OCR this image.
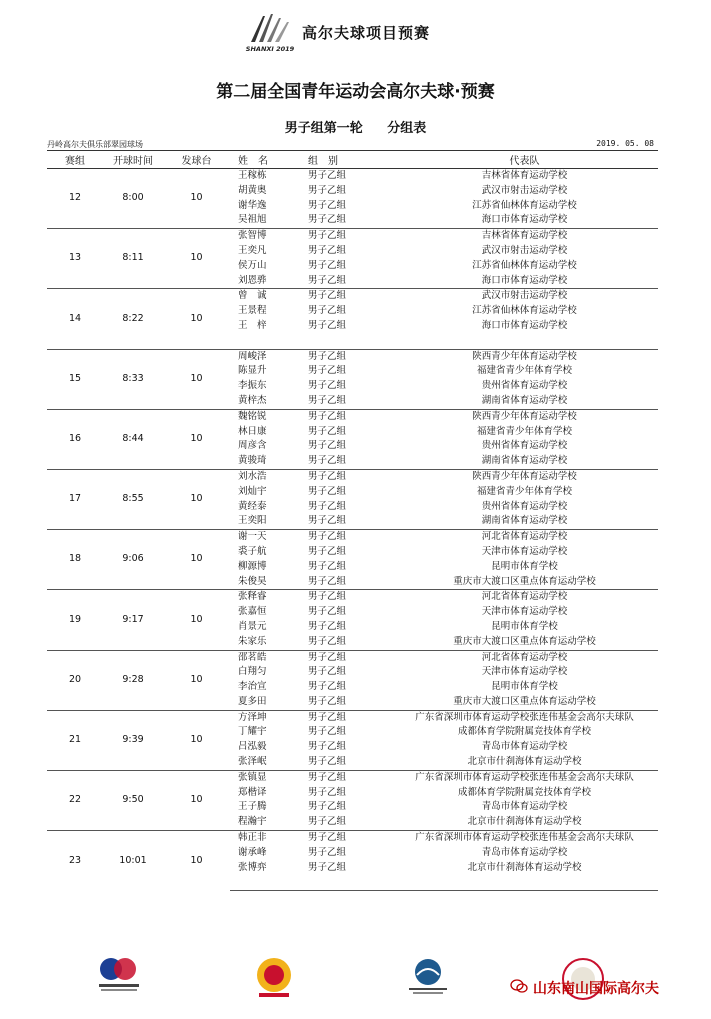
SHANXI 2019
高尔夫球项目预赛
第二届全国青年运动会高尔夫球·预赛
男子组第一轮 分组表
丹岭高尔夫俱乐部翠园球场	2019. 05. 08
赛组	开球时间	发球台	姓　名	组　别	代表队
12	8:00	10	王稼栋	男子乙组	吉林省体育运动学校
			胡黄奥	男子乙组	武汉市射击运动学校
			谢华逸	男子乙组	江苏省仙林体育运动学校
			吴祖旭	男子乙组	海口市体育运动学校
13	8:11	10	张智博	男子乙组	吉林省体育运动学校
			王奕凡	男子乙组	武汉市射击运动学校
			侯万山	男子乙组	江苏省仙林体育运动学校
			刘恩骅	男子乙组	海口市体育运动学校
14	8:22	10	曾　诚	男子乙组	武汉市射击运动学校
			王景程	男子乙组	江苏省仙林体育运动学校
			王　梓	男子乙组	海口市体育运动学校

15	8:33	10	周峻泽	男子乙组	陕西青少年体育运动学校
			陈显升	男子乙组	福建省青少年体育学校
			李振东	男子乙组	贵州省体育运动学校
			黄梓杰	男子乙组	湖南省体育运动学校
16	8:44	10	魏铭锐	男子乙组	陕西青少年体育运动学校
			林日康	男子乙组	福建省青少年体育学校
			周彦含	男子乙组	贵州省体育运动学校
			黄骏琦	男子乙组	湖南省体育运动学校
17	8:55	10	刘水浩	男子乙组	陕西青少年体育运动学校
			刘灿宇	男子乙组	福建省青少年体育学校
			黄经泰	男子乙组	贵州省体育运动学校
			王奕阳	男子乙组	湖南省体育运动学校
18	9:06	10	谢一天	男子乙组	河北省体育运动学校
			裘子航	男子乙组	天津市体育运动学校
			柳源博	男子乙组	昆明市体育学校
			朱俊昊	男子乙组	重庆市大渡口区重点体育运动学校
19	9:17	10	张释睿	男子乙组	河北省体育运动学校
			张嘉恒	男子乙组	天津市体育运动学校
			肖景元	男子乙组	昆明市体育学校
			朱家乐	男子乙组	重庆市大渡口区重点体育运动学校
20	9:28	10	邵茗皓	男子乙组	河北省体育运动学校
			白翔匀	男子乙组	天津市体育运动学校
			李治宣	男子乙组	昆明市体育学校
			夏多田	男子乙组	重庆市大渡口区重点体育运动学校
21	9:39	10	方泽坤	男子乙组	广东省深圳市体育运动学校张连伟基金会高尔夫球队
			丁耀宇	男子乙组	成都体育学院附属竞技体育学校
			吕泓毅	男子乙组	青岛市体育运动学校
			张泽岷	男子乙组	北京市什刹海体育运动学校
22	9:50	10	张镇显	男子乙组	广东省深圳市体育运动学校张连伟基金会高尔夫球队
			郑楷译	男子乙组	成都体育学院附属竞技体育学校
			王子腾	男子乙组	青岛市体育运动学校
			程瀚宇	男子乙组	北京市什刹海体育运动学校
23	10:01	10	韩正非	男子乙组	广东省深圳市体育运动学校张连伟基金会高尔夫球队
			谢承峰	男子乙组	青岛市体育运动学校
			张博弈	男子乙组	北京市什刹海体育运动学校

山东南山国际高尔夫
